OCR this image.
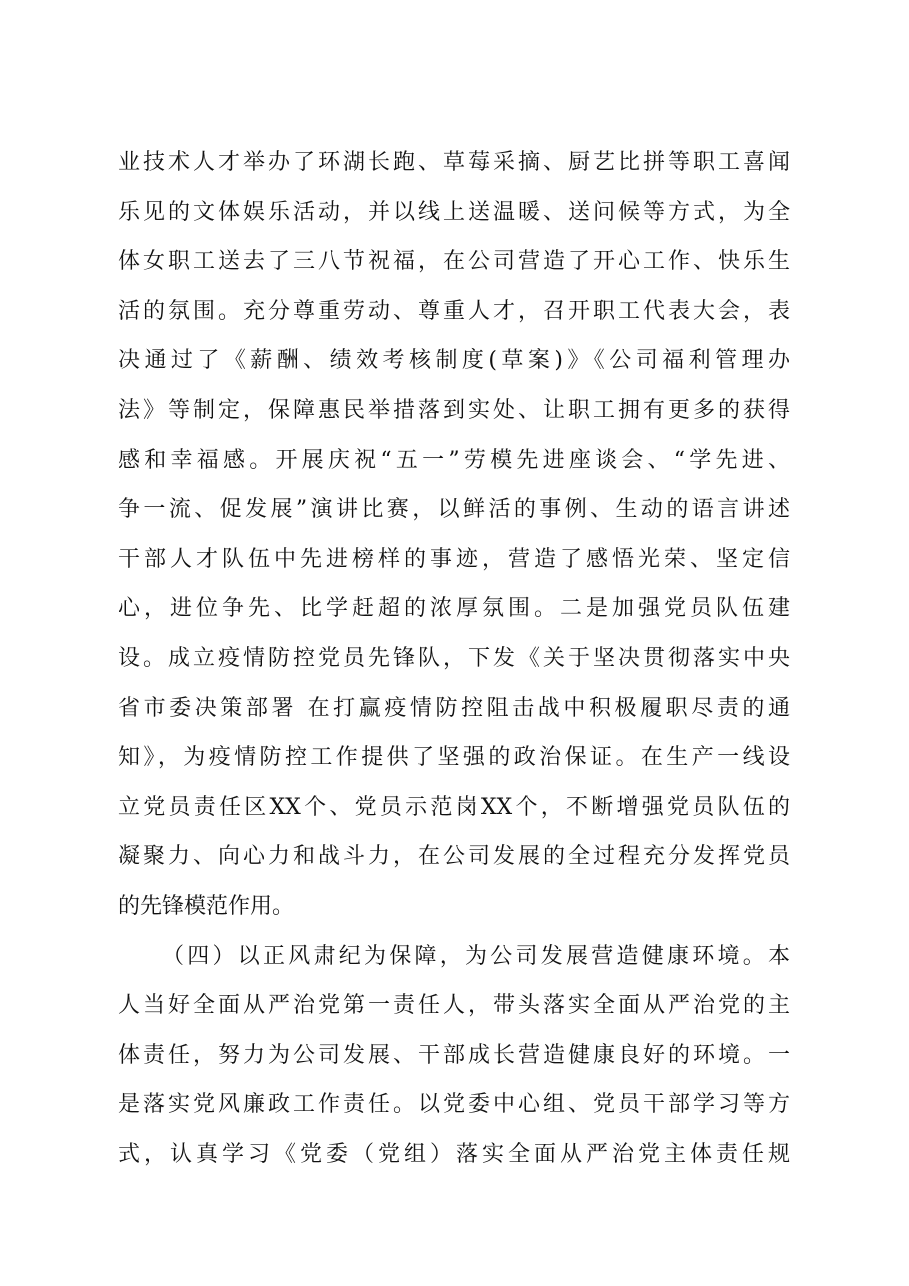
业技术人才举办了环湖长跑、草莓采摘、厨艺比拼等职工喜闻
乐见的文体娱乐活动，并以线上送温暖、送问候等方式，为全
体女职工送去了三八节祝福，在公司营造了开心工作、快乐生
活的氛围。充分尊重劳动、尊重人才，召开职工代表大会，表
决通过了《薪酬、绩效考核制度(草案)》《公司福利管理办
法》等制定，保障惠民举措落到实处、让职工拥有更多的获得
感和幸福感。开展庆祝“五一”劳模先进座谈会、“学先进、
争一流、促发展”演讲比赛，以鲜活的事例、生动的语言讲述
干部人才队伍中先进榜样的事迹，营造了感悟光荣、坚定信
心，进位争先、比学赶超的浓厚氛围。二是加强党员队伍建
设。成立疫情防控党员先锋队，下发《关于坚决贯彻落实中央
省市委决策部署 在打赢疫情防控阻击战中积极履职尽责的通
知》，为疫情防控工作提供了坚强的政治保证。在生产一线设
立党员责任区XX个、党员示范岗XX个，不断增强党员队伍的
凝聚力、向心力和战斗力，在公司发展的全过程充分发挥党员
的先锋模范作用。
（四）以正风肃纪为保障，为公司发展营造健康环境。本
人当好全面从严治党第一责任人，带头落实全面从严治党的主
体责任，努力为公司发展、干部成长营造健康良好的环境。一
是落实党风廉政工作责任。以党委中心组、党员干部学习等方
式，认真学习《党委（党组）落实全面从严治党主体责任规
